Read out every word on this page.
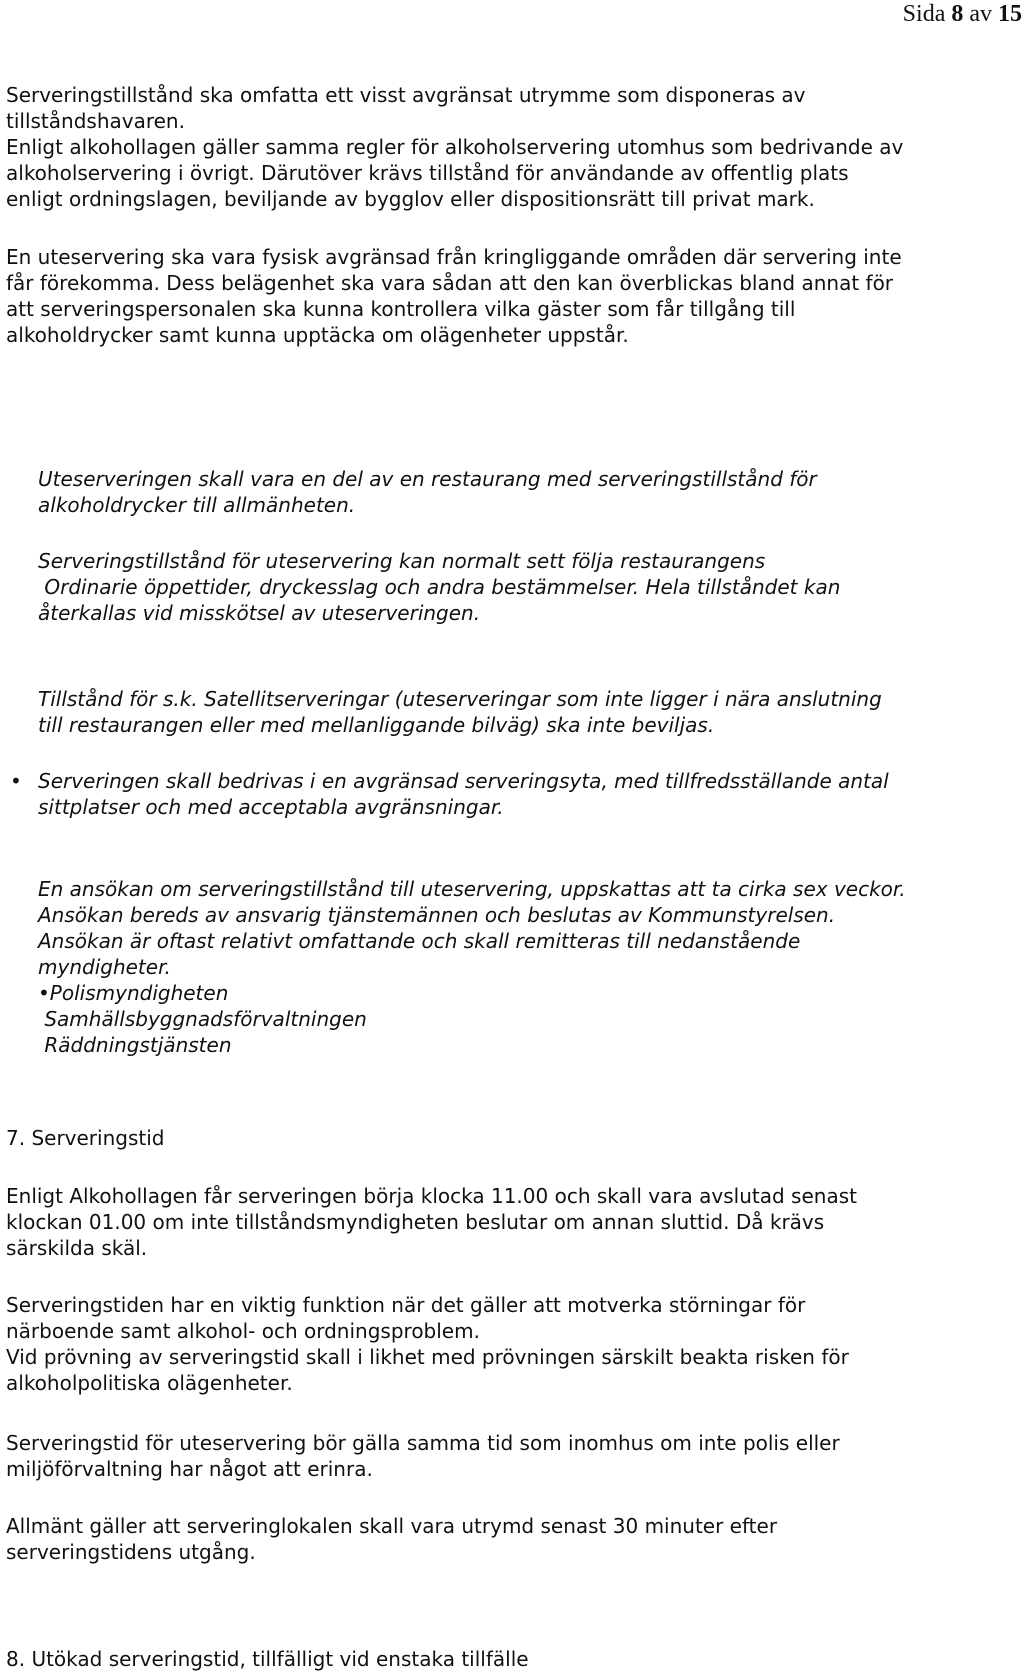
Sida 8 av 15
Serveringstillstånd ska omfatta ett visst avgränsat utrymme som disponeras av
tillståndshavaren.
Enligt alkohollagen gäller samma regler för alkoholservering utomhus som bedrivande av
alkoholservering i övrigt. Därutöver krävs tillstånd för användande av offentlig plats
enligt ordningslagen, beviljande av bygglov eller dispositionsrätt till privat mark.
En uteservering ska vara fysisk avgränsad från kringliggande områden där servering inte
får förekomma. Dess belägenhet ska vara sådan att den kan överblickas bland annat för
att serveringspersonalen ska kunna kontrollera vilka gäster som får tillgång till
alkoholdrycker samt kunna upptäcka om olägenheter uppstår.
Uteserveringen skall vara en del av en restaurang med serveringstillstånd för
alkoholdrycker till allmänheten.
Serveringstillstånd för uteservering kan normalt sett följa restaurangens
Ordinarie öppettider, dryckesslag och andra bestämmelser. Hela tillståndet kan
återkallas vid misskötsel av uteserveringen.
Tillstånd för s.k. Satellitserveringar (uteserveringar som inte ligger i nära anslutning
till restaurangen eller med mellanliggande bilväg) ska inte beviljas.
• Serveringen skall bedrivas i en avgränsad serveringsyta, med tillfredsställande antal
sittplatser och med acceptabla avgränsningar.
En ansökan om serveringstillstånd till uteservering, uppskattas att ta cirka sex veckor.
Ansökan bereds av ansvarig tjänstemännen och beslutas av Kommunstyrelsen.
Ansökan är oftast relativt omfattande och skall remitteras till nedanstående
myndigheter.
•Polismyndigheten
Samhällsbyggnadsförvaltningen
Räddningstjänsten
7. Serveringstid
Enligt Alkohollagen får serveringen börja klocka 11.00 och skall vara avslutad senast
klockan 01.00 om inte tillståndsmyndigheten beslutar om annan sluttid. Då krävs
särskilda skäl.
Serveringstiden har en viktig funktion när det gäller att motverka störningar för
närboende samt alkohol- och ordningsproblem.
Vid prövning av serveringstid skall i likhet med prövningen särskilt beakta risken för
alkoholpolitiska olägenheter.
Serveringstid för uteservering bör gälla samma tid som inomhus om inte polis eller
miljöförvaltning har något att erinra.
Allmänt gäller att serveringlokalen skall vara utrymd senast 30 minuter efter
serveringstidens utgång.
8. Utökad serveringstid, tillfälligt vid enstaka tillfälle
